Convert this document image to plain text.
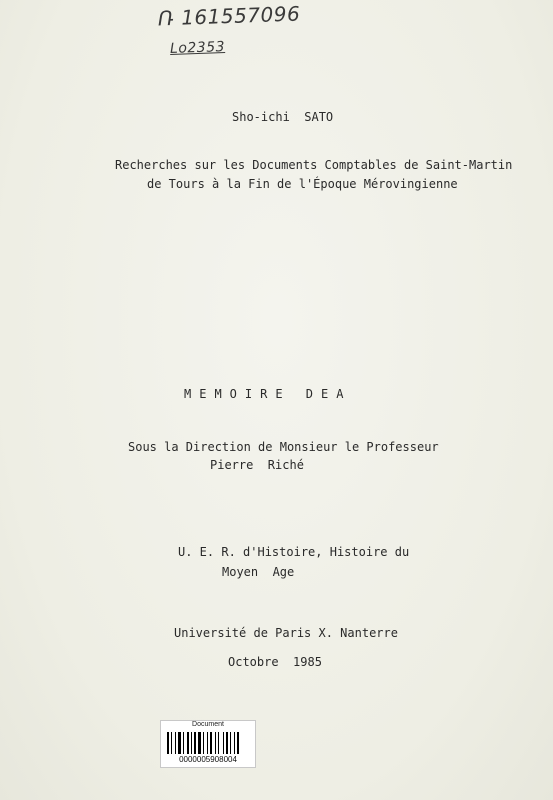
Ռ 161557096
Lo2353
Sho-ichi  SATO
Recherches sur les Documents Comptables de Saint-Martin
de Tours à la Fin de l'Époque Mérovingienne
MEMOIRE DEA
Sous la Direction de Monsieur le Professeur
Pierre  Riché
U. E. R. d'Histoire, Histoire du
Moyen  Age
Université de Paris X. Nanterre
Octobre  1985
Document
0000005908004
